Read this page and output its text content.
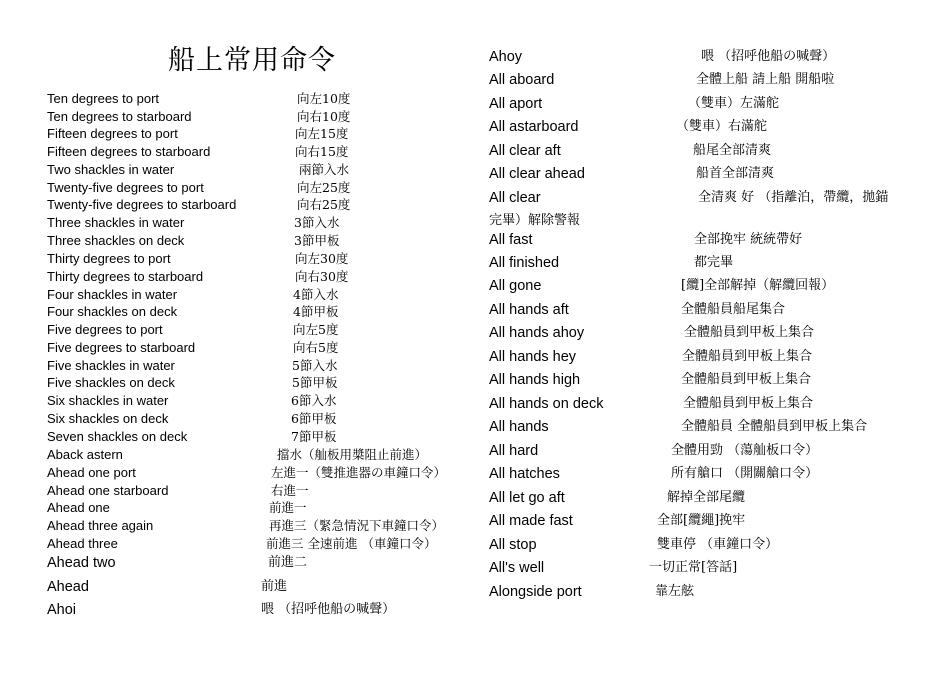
船上常用命令
Ten degrees to port	向左10度
Ten degrees to starboard	向右10度
Fifteen degrees to port	向左15度
Fifteen degrees to starboard	向右15度
Two shackles in water	兩節入水
Twenty-five degrees to port	向左25度
Twenty-five degrees to starboard	向右25度
Three shackles in water	3節入水
Three shackles on deck	3節甲板
Thirty degrees to port	向左30度
Thirty degrees to starboard	向右30度
Four shackles in water	4節入水
Four shackles on deck	4節甲板
Five degrees to port	向左5度
Five degrees to starboard	向右5度
Five shackles in water	5節入水
Five shackles on deck	5節甲板
Six shackles in water	6節入水
Six shackles on deck	6節甲板
Seven shackles on deck	7節甲板
Aback astern	擋水（舢板用槳阻止前進）
Ahead one port	左進一（雙推進器の車鐘口令）
Ahead one starboard	右進一
Ahead one	前進一
Ahead three again	再進三（緊急情況下車鐘口令）
Ahead three	前進三 全速前進 （車鐘口令）
Ahead two	前進二
Ahead	前進
Ahoi	喂 （招呼他船の喊聲）
Ahoy	喂 （招呼他船の喊聲）
All aboard	全體上船 請上船 開船啦
All aport	（雙車）左滿舵
All astarboard	（雙車）右滿舵
All clear aft	船尾全部清爽
All clear ahead	船首全部清爽
All clear	全清爽 好 （指離泊，帶纜，拋錨
完畢）解除警報
All fast	全部挽牢 統統帶好
All finished	都完畢
All gone	[纜]全部解掉（解纜回報）
All hands aft	全體船員船尾集合
All hands ahoy	全體船員到甲板上集合
All hands hey	全體船員到甲板上集合
All hands high	全體船員到甲板上集合
All hands on deck	全體船員到甲板上集合
All hands	全體船員 全體船員到甲板上集合
All hard	全體用勁 （蕩舢板口令）
All hatches	所有艙口 （開關艙口令）
All let go aft	解掉全部尾纜
All made fast	全部[纜繩]挽牢
All stop	雙車停 （車鐘口令）
All's well	一切正常[答話]
Alongside port	靠左舷
